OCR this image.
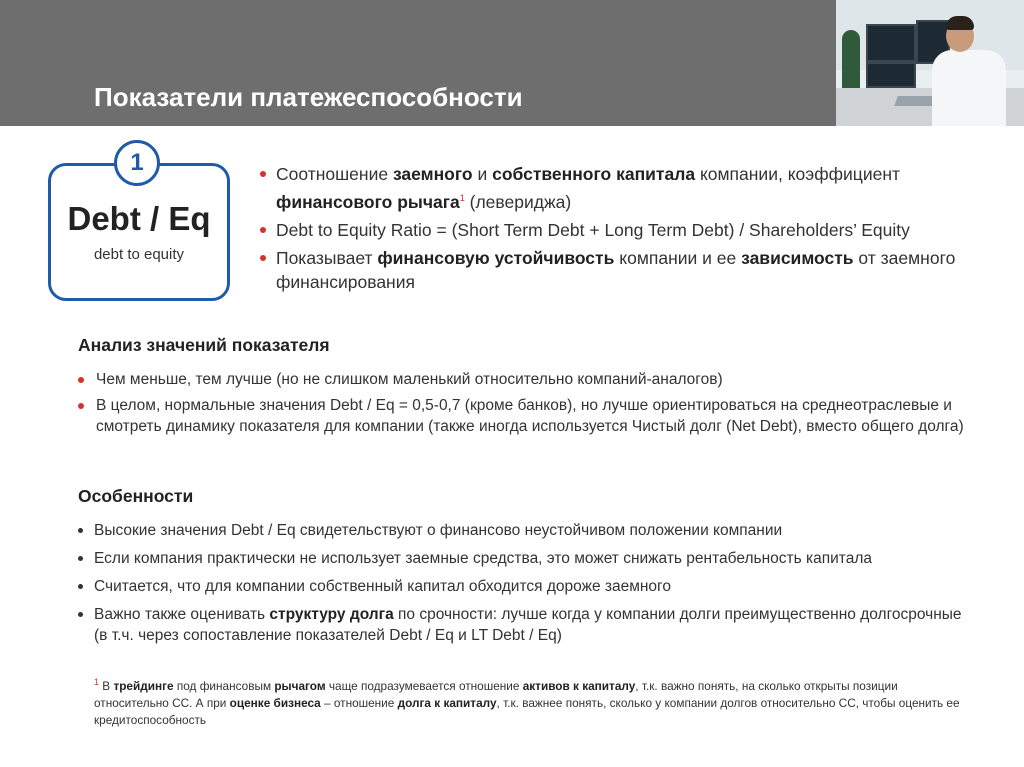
Показатели платежеспособности
1
Debt / Eq
debt to equity
Соотношение заемного и собственного капитала компании, коэффициент финансового рычага$^1$ (левериджа)
Debt to Equity Ratio = (Short Term Debt + Long Term Debt) / Shareholders’ Equity
Показывает финансовую устойчивость компании и ее зависимость от заемного финансирования
Анализ значений показателя
Чем меньше, тем лучше (но не слишком маленький относительно компаний-аналогов)
В целом, нормальные значения Debt / Eq = 0,5-0,7 (кроме банков), но лучше ориентироваться на среднеотраслевые и смотреть динамику показателя для компании (также иногда используется Чистый долг (Net Debt), вместо общего долга)
Особенности
Высокие значения Debt / Eq свидетельствуют о финансово неустойчивом положении компании
Если компания практически не использует заемные средства, это может снижать рентабельность капитала
Считается, что для компании собственный капитал обходится дороже заемного
Важно также оценивать структуру долга по срочности: лучше когда у компании долги преимущественно долгосрочные (в т.ч. через сопоставление показателей Debt / Eq и LT Debt / Eq)

$^1$ В трейдинге под финансовым рычагом чаще подразумевается отношение активов к капиталу, т.к. важно понять, на сколько открыты позиции относительно СС. А при оценке бизнеса – отношение долга к капиталу, т.к. важнее понять, сколько у компании долгов относительно СС, чтобы оценить ее кредитоспособность
